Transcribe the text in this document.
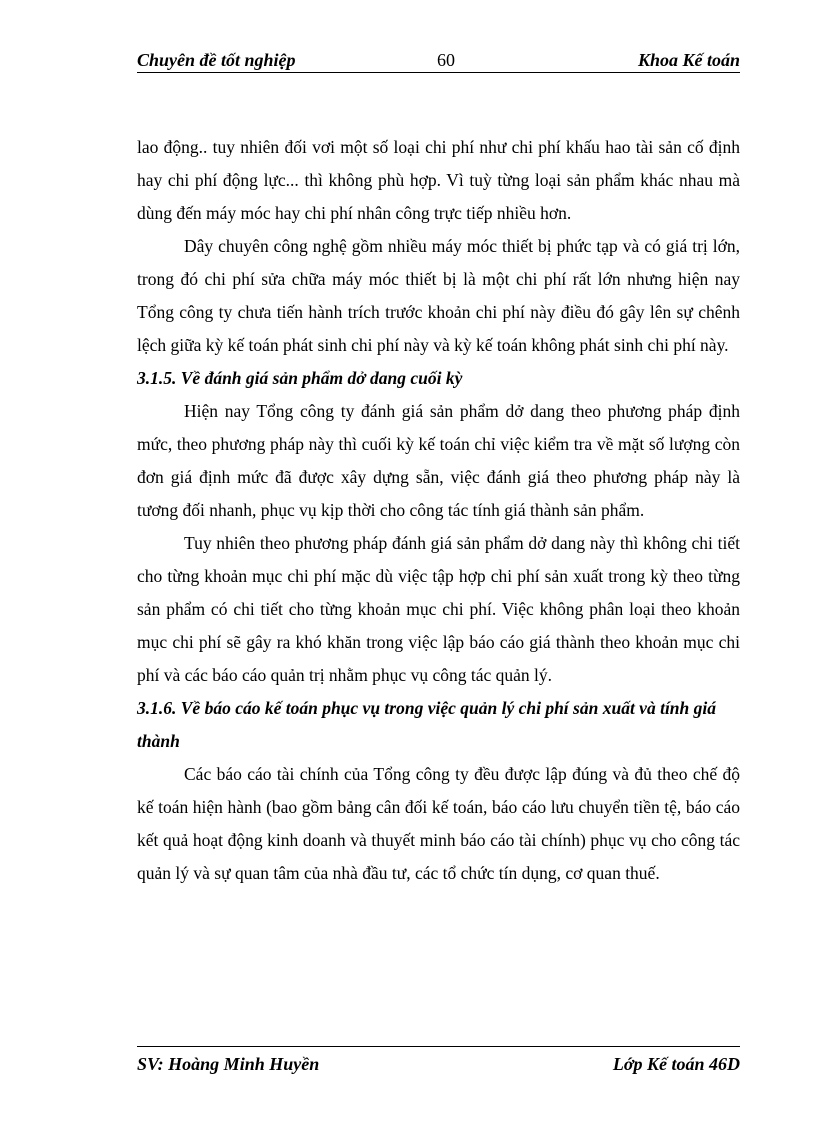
Chuyên đề tốt nghiệp	60	Khoa Kế toán

lao động.. tuy nhiên đối vơi một số loại chi phí như chi phí khấu hao tài sản cố định hay chi phí động lực... thì không phù hợp. Vì tuỳ từng loại sản phẩm khác nhau mà dùng đến máy móc hay chi phí nhân công trực tiếp nhiều hơn.

Dây chuyên công nghệ gồm nhiều máy móc thiết bị phức tạp và có giá trị lớn, trong đó chi phí sửa chữa máy móc thiết bị là một chi phí rất lớn nhưng hiện nay Tổng công ty chưa tiến hành trích trước khoản chi phí này điều đó gây lên sự chênh lệch giữa kỳ kế toán phát sinh chi phí này và kỳ kế toán không phát sinh chi phí này.

3.1.5. Về đánh giá sản phẩm dở dang cuối kỳ

Hiện nay Tổng công ty đánh giá sản phẩm dở dang theo phương pháp định mức, theo phương pháp này thì cuối kỳ kế toán chỉ việc kiểm tra về mặt số lượng còn đơn giá định mức đã được xây dựng sẵn, việc đánh giá theo phương pháp này là tương đối nhanh, phục vụ kịp thời cho công tác tính giá thành sản phẩm.

Tuy nhiên theo phương pháp đánh giá sản phẩm dở dang này thì không chi tiết cho từng khoản mục chi phí mặc dù việc tập hợp chi phí sản xuất trong kỳ theo từng sản phẩm có chi tiết cho từng khoản mục chi phí. Việc không phân loại theo khoản mục chi phí sẽ gây ra khó khăn trong việc lập báo cáo giá thành theo khoản mục chi phí và các báo cáo quản trị nhằm phục vụ công tác quản lý.

3.1.6. Về báo cáo kế toán phục vụ trong việc quản lý chi phí sản xuất và tính giá thành

Các báo cáo tài chính của Tổng công ty đều được lập đúng và đủ theo chế độ kế toán hiện hành (bao gồm bảng cân đối kế toán, báo cáo lưu chuyển tiền tệ, báo cáo kết quả hoạt động kinh doanh và thuyết minh báo cáo tài chính) phục vụ cho công tác quản lý và sự quan tâm của nhà đầu tư, các tổ chức tín dụng, cơ quan thuế.

SV: Hoàng Minh Huyền	Lớp Kế toán 46D
